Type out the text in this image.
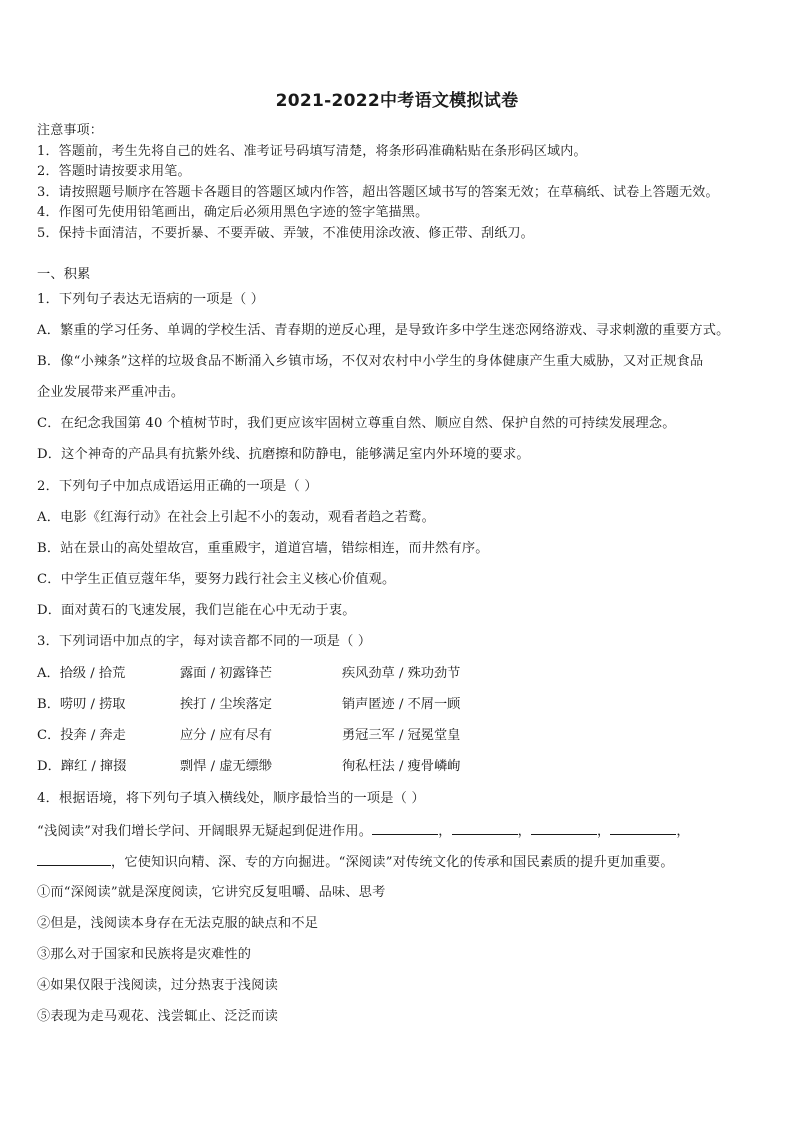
2021-2022中考语文模拟试卷
注意事项：
1．答题前，考生先将自己的姓名、准考证号码填写清楚，将条形码准确粘贴在条形码区域内。
2．答题时请按要求用笔。
3．请按照题号顺序在答题卡各题目的答题区域内作答，超出答题区域书写的答案无效；在草稿纸、试卷上答题无效。
4．作图可先使用铅笔画出，确定后必须用黑色字迹的签字笔描黑。
5．保持卡面清洁，不要折暴、不要弄破、弄皱，不准使用涂改液、修正带、刮纸刀。
一、积累
1．下列句子表达无语病的一项是（ ）
A．繁重的学习任务、单调的学校生活、青春期的逆反心理，是导致许多中学生迷恋网络游戏、寻求刺激的重要方式。
B．像“小辣条”这样的垃圾食品不断涌入乡镇市场，不仅对农村中小学生的身体健康产生重大威胁，又对正规食品
企业发展带来严重冲击。
C．在纪念我国第 40 个植树节时，我们更应该牢固树立尊重自然、顺应自然、保护自然的可持续发展理念。
D．这个神奇的产品具有抗紫外线、抗磨擦和防静电，能够满足室内外环境的要求。
2．下列句子中加点成语运用正确的一项是（ ）
A．电影《红海行动》在社会上引起不小的轰动，观看者趋之若鹜。
B．站在景山的高处望故宫，重重殿宇，道道宫墙，错综相连，而井然有序。
C．中学生正值豆蔻年华，要努力践行社会主义核心价值观。
D．面对黄石的飞速发展，我们岂能在心中无动于衷。
3．下列词语中加点的字，每对读音都不同的一项是（ ）
A．拾级 / 拾荒	露面 / 初露锋芒	疾风劲草 / 殊功劲节
B．唠叨 / 捞取	挨打 / 尘埃落定	销声匿迹 / 不屑一顾
C．投奔 / 奔走	应分 / 应有尽有	勇冠三军 / 冠冕堂皇
D．蹿红 / 撺掇	剽悍 / 虚无缥缈	徇私枉法 / 瘦骨嶙峋
4．根据语境，将下列句子填入横线处，顺序最恰当的一项是（ ）
“浅阅读”对我们增长学问、开阔眼界无疑起到促进作用。	，	，	，	，
，它使知识向精、深、专的方向掘进。“深阅读”对传统文化的传承和国民素质的提升更加重要。
①而“深阅读”就是深度阅读，它讲究反复咀嚼、品味、思考
②但是，浅阅读本身存在无法克服的缺点和不足
③那么对于国家和民族将是灾难性的
④如果仅限于浅阅读，过分热衷于浅阅读
⑤表现为走马观花、浅尝辄止、泛泛而读
